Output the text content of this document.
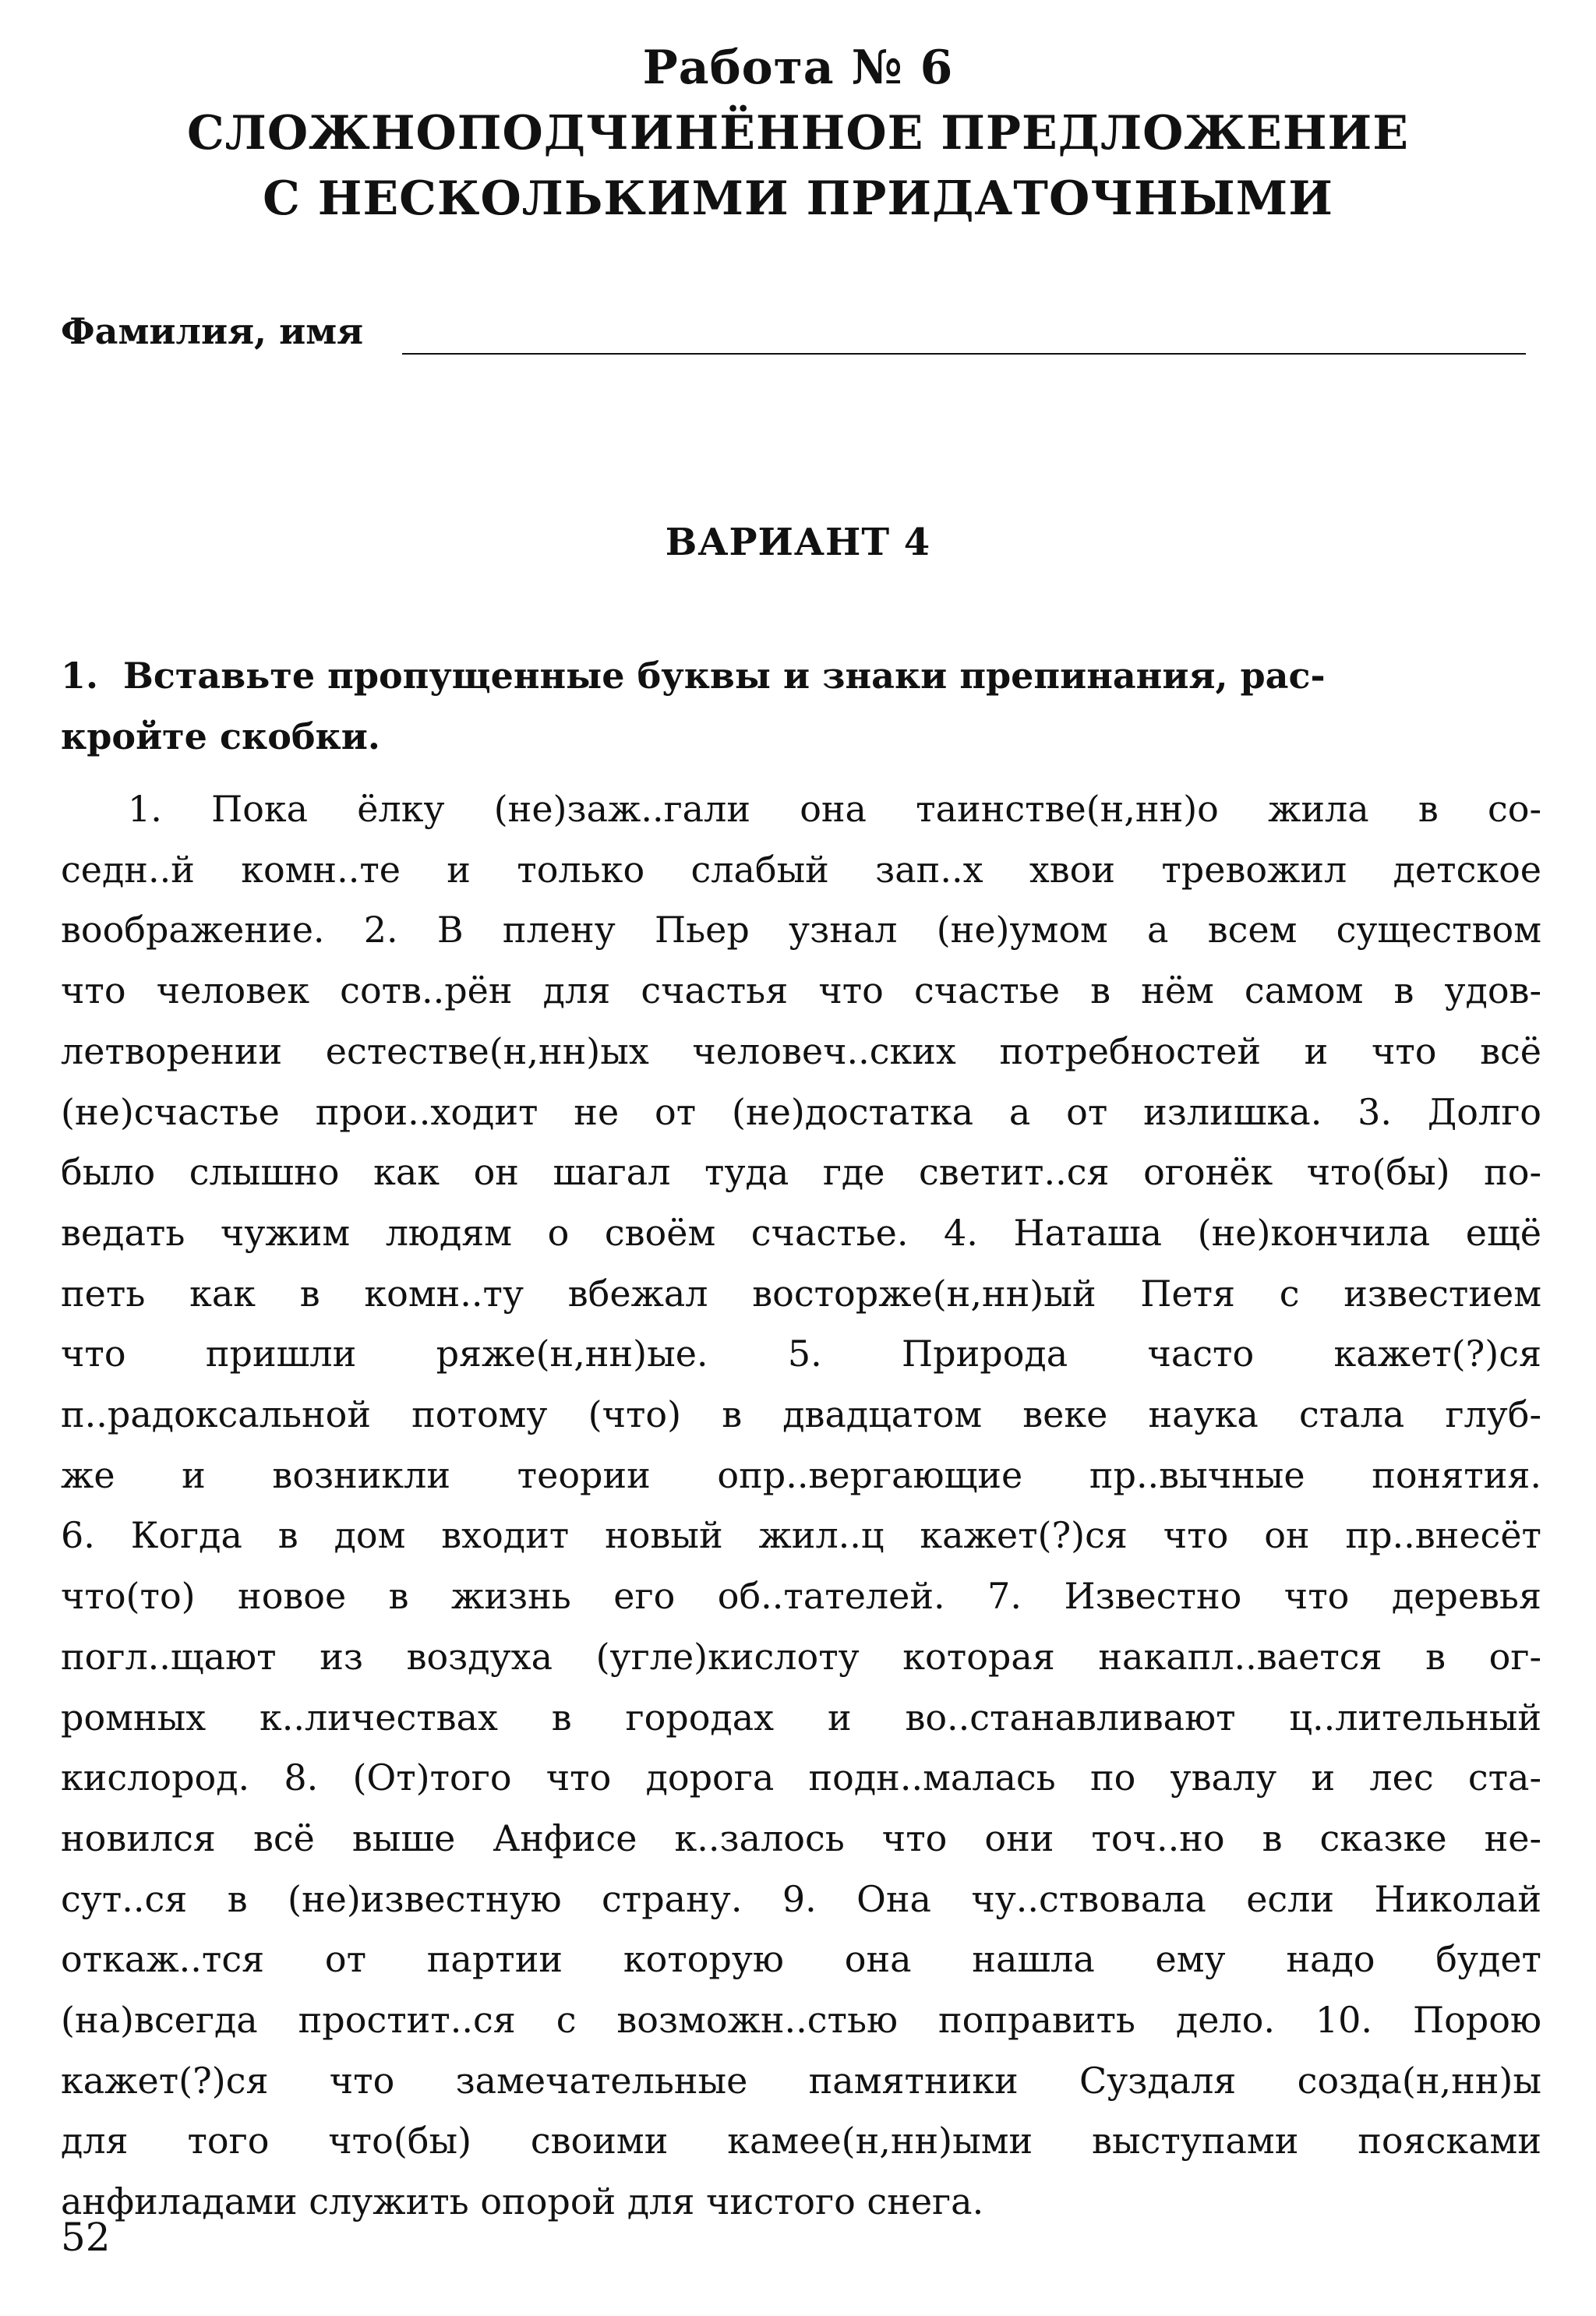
Работа № 6
СЛОЖНОПОДЧИНЁННОЕ ПРЕДЛОЖЕНИЕ
С НЕСКОЛЬКИМИ ПРИДАТОЧНЫМИ
Фамилия, имя
ВАРИАНТ 4
1. Вставьте пропущенные буквы и знаки препинания, рас-
кройте скобки.
1. Пока ёлку (не)заж..гали она таинстве(н,нн)о жила в со-
седн..й комн..те и только слабый зап..х хвои тревожил детское
воображение. 2. В плену Пьер узнал (не)умом а всем существом
что человек сотв..рён для счастья что счастье в нём самом в удов-
летворении естестве(н,нн)ых человеч..ских потребностей и что всё
(не)счастье прои..ходит не от (не)достатка а от излишка. 3. Долго
было слышно как он шагал туда где светит..ся огонёк что(бы) по-
ведать чужим людям о своём счастье. 4. Наташа (не)кончила ещё
петь как в комн..ту вбежал восторже(н,нн)ый Петя с известием
что пришли ряже(н,нн)ые. 5. Природа часто кажет(?)ся
п..радоксальной потому (что) в двадцатом веке наука стала глуб-
же и возникли теории опр..вергающие пр..вычные понятия.
6. Когда в дом входит новый жил..ц кажет(?)ся что он пр..внесёт
что(то) новое в жизнь его об..тателей. 7. Известно что деревья
погл..щают из воздуха (угле)кислоту которая накапл..вается в ог-
ромных к..личествах в городах и во..станавливают ц..лительный
кислород. 8. (От)того что дорога подн..малась по увалу и лес ста-
новился всё выше Анфисе к..залось что они точ..но в сказке не-
сут..ся в (не)известную страну. 9. Она чу..ствовала если Николай
откаж..тся от партии которую она нашла ему надо будет
(на)всегда простит..ся с возможн..стью поправить дело. 10. Порою
кажет(?)ся что замечательные памятники Суздаля созда(н,нн)ы
для того что(бы) своими камее(н,нн)ыми выступами поясками
анфиладами служить опорой для чистого снега.
52
